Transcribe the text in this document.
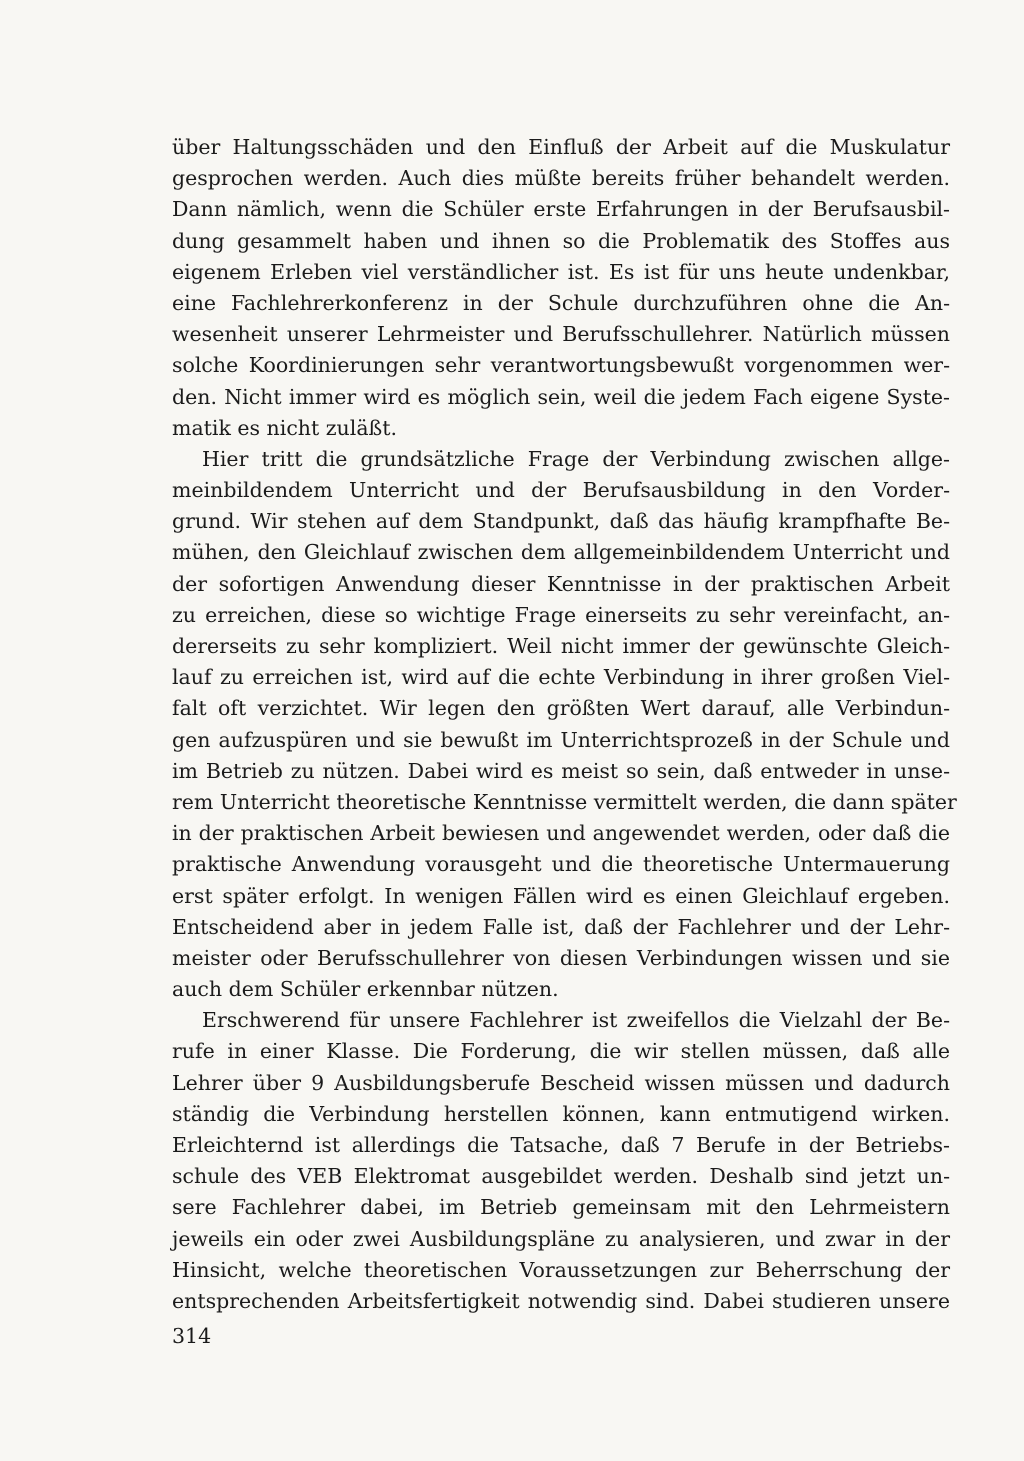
über Haltungsschäden und den Einfluß der Arbeit auf die Muskulatur
gesprochen werden. Auch dies müßte bereits früher behandelt werden.
Dann nämlich, wenn die Schüler erste Erfahrungen in der Berufsausbil-
dung gesammelt haben und ihnen so die Problematik des Stoffes aus
eigenem Erleben viel verständlicher ist. Es ist für uns heute undenkbar,
eine Fachlehrerkonferenz in der Schule durchzuführen ohne die An-
wesenheit unserer Lehrmeister und Berufsschullehrer. Natürlich müssen
solche Koordinierungen sehr verantwortungsbewußt vorgenommen wer-
den. Nicht immer wird es möglich sein, weil die jedem Fach eigene Syste-
matik es nicht zuläßt.
Hier tritt die grundsätzliche Frage der Verbindung zwischen allge-
meinbildendem Unterricht und der Berufsausbildung in den Vorder-
grund. Wir stehen auf dem Standpunkt, daß das häufig krampfhafte Be-
mühen, den Gleichlauf zwischen dem allgemeinbildendem Unterricht und
der sofortigen Anwendung dieser Kenntnisse in der praktischen Arbeit
zu erreichen, diese so wichtige Frage einerseits zu sehr vereinfacht, an-
dererseits zu sehr kompliziert. Weil nicht immer der gewünschte Gleich-
lauf zu erreichen ist, wird auf die echte Verbindung in ihrer großen Viel-
falt oft verzichtet. Wir legen den größten Wert darauf, alle Verbindun-
gen aufzuspüren und sie bewußt im Unterrichtsprozeß in der Schule und
im Betrieb zu nützen. Dabei wird es meist so sein, daß entweder in unse-
rem Unterricht theoretische Kenntnisse vermittelt werden, die dann später
in der praktischen Arbeit bewiesen und angewendet werden, oder daß die
praktische Anwendung vorausgeht und die theoretische Untermauerung
erst später erfolgt. In wenigen Fällen wird es einen Gleichlauf ergeben.
Entscheidend aber in jedem Falle ist, daß der Fachlehrer und der Lehr-
meister oder Berufsschullehrer von diesen Verbindungen wissen und sie
auch dem Schüler erkennbar nützen.
Erschwerend für unsere Fachlehrer ist zweifellos die Vielzahl der Be-
rufe in einer Klasse. Die Forderung, die wir stellen müssen, daß alle
Lehrer über 9 Ausbildungsberufe Bescheid wissen müssen und dadurch
ständig die Verbindung herstellen können, kann entmutigend wirken.
Erleichternd ist allerdings die Tatsache, daß 7 Berufe in der Betriebs-
schule des VEB Elektromat ausgebildet werden. Deshalb sind jetzt un-
sere Fachlehrer dabei, im Betrieb gemeinsam mit den Lehrmeistern
jeweils ein oder zwei Ausbildungspläne zu analysieren, und zwar in der
Hinsicht, welche theoretischen Voraussetzungen zur Beherrschung der
entsprechenden Arbeitsfertigkeit notwendig sind. Dabei studieren unsere
314
